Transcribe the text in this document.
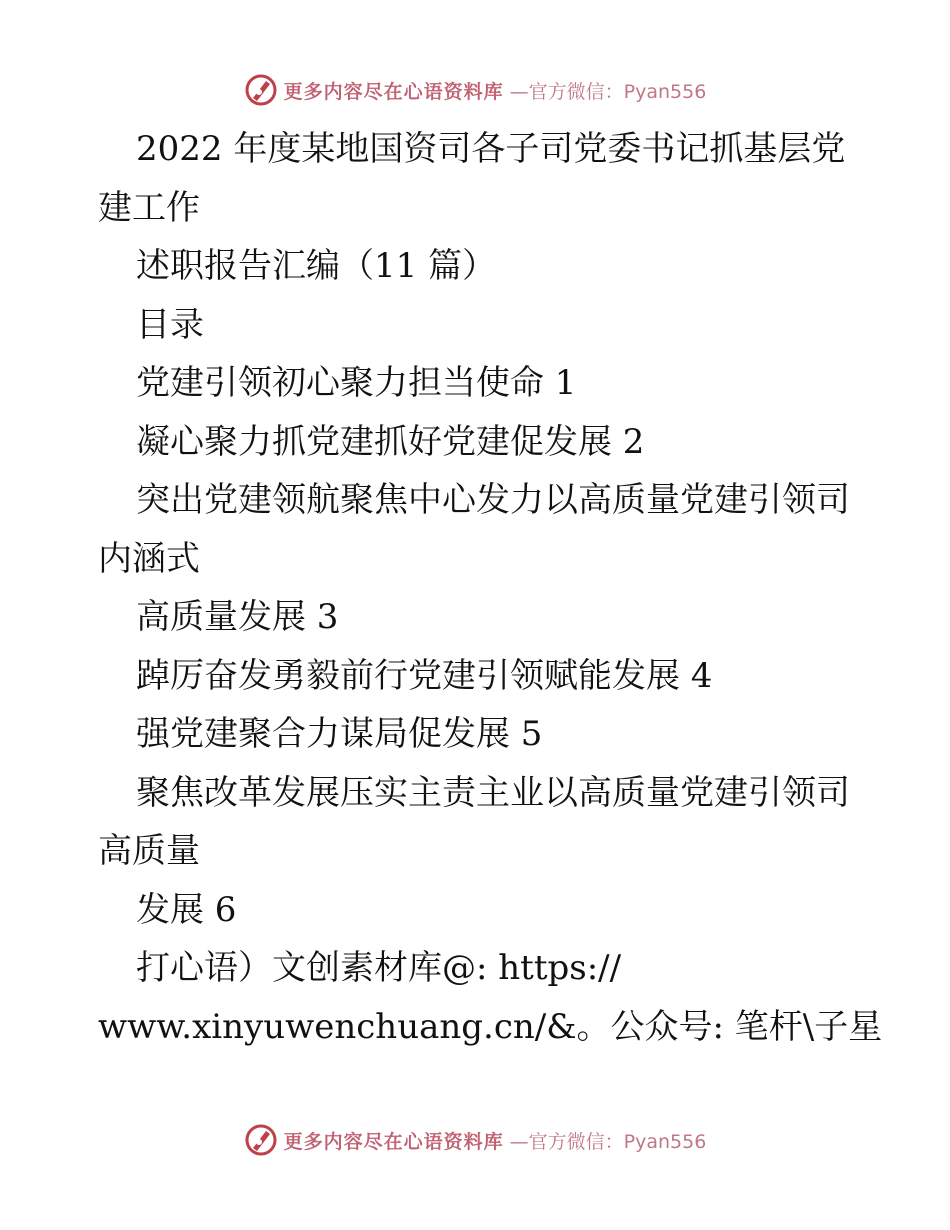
更多内容尽在心语资料库 —官方微信：Pyan556

2022 年度某地国资司各子司党委书记抓基层党

建工作

述职报告汇编（11 篇）

目录

党建引领初心聚力担当使命 1

凝心聚力抓党建抓好党建促发展 2

突出党建领航聚焦中心发力以高质量党建引领司

内涵式

高质量发展 3

踔厉奋发勇毅前行党建引领赋能发展 4

强党建聚合力谋局促发展 5

聚焦改革发展压实主责主业以高质量党建引领司

高质量

发展 6

打心语）文创素材库@: https://

www.xinyuwenchuang.cn/&。公众号: 笔杆\子星

更多内容尽在心语资料库 —官方微信：Pyan556
